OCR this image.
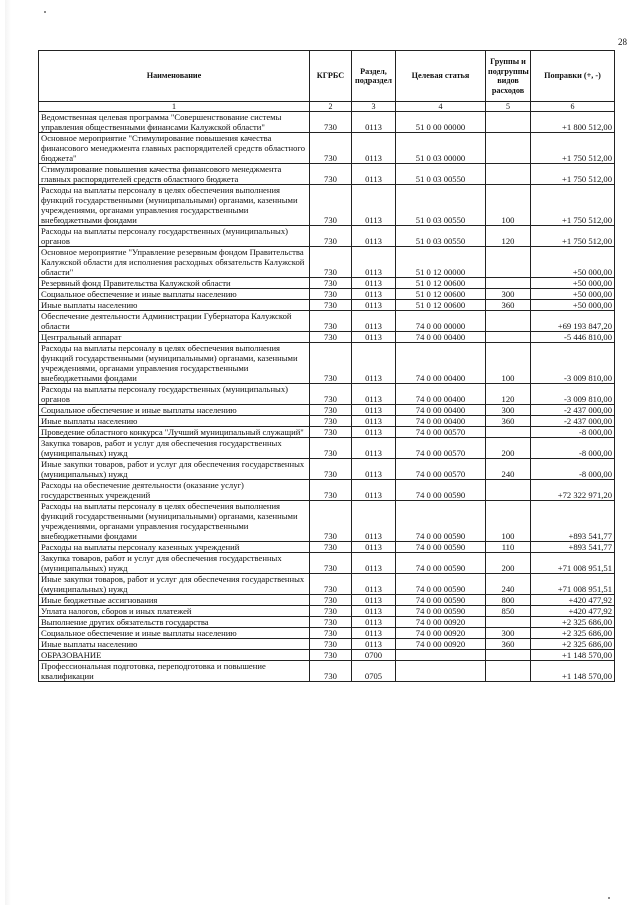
28
Наименование	КГРБС	Раздел, подраздел	Целевая статья	Группы и подгруппы видов расходов	Поправки (+, -)
1	2	3	4	5	6
Ведомственная целевая программа "Совершенствование системы управления общественными финансами Калужской области"	730	0113	51 0 00 00000		+1 800 512,00
Основное мероприятие "Стимулирование повышения качества финансового менеджмента главных распорядителей средств областного бюджета"	730	0113	51 0 03 00000		+1 750 512,00
Стимулирование повышения качества финансового менеджмента главных распорядителей средств областного бюджета	730	0113	51 0 03 00550		+1 750 512,00
Расходы на выплаты персоналу в целях обеспечения выполнения функций государственными (муниципальными) органами, казенными учреждениями, органами управления государственными внебюджетными фондами	730	0113	51 0 03 00550	100	+1 750 512,00
Расходы на выплаты персоналу государственных (муниципальных) органов	730	0113	51 0 03 00550	120	+1 750 512,00
Основное мероприятие "Управление резервным фондом Правительства Калужской области для исполнения расходных обязательств Калужской области"	730	0113	51 0 12 00000		+50 000,00
Резервный фонд Правительства Калужской области	730	0113	51 0 12 00600		+50 000,00
Социальное обеспечение и иные выплаты населению	730	0113	51 0 12 00600	300	+50 000,00
Иные выплаты населению	730	0113	51 0 12 00600	360	+50 000,00
Обеспечение деятельности Администрации Губернатора Калужской области	730	0113	74 0 00 00000		+69 193 847,20
Центральный аппарат	730	0113	74 0 00 00400		-5 446 810,00
Расходы на выплаты персоналу в целях обеспечения выполнения функций государственными (муниципальными) органами, казенными учреждениями, органами управления государственными внебюджетными фондами	730	0113	74 0 00 00400	100	-3 009 810,00
Расходы на выплаты персоналу государственных (муниципальных) органов	730	0113	74 0 00 00400	120	-3 009 810,00
Социальное обеспечение и иные выплаты населению	730	0113	74 0 00 00400	300	-2 437 000,00
Иные выплаты населению	730	0113	74 0 00 00400	360	-2 437 000,00
Проведение областного конкурса "Лучший муниципальный служащий"	730	0113	74 0 00 00570		-8 000,00
Закупка товаров, работ и услуг для обеспечения государственных (муниципальных) нужд	730	0113	74 0 00 00570	200	-8 000,00
Иные закупки товаров, работ и услуг для обеспечения государственных (муниципальных) нужд	730	0113	74 0 00 00570	240	-8 000,00
Расходы на обеспечение деятельности (оказание услуг) государственных учреждений	730	0113	74 0 00 00590		+72 322 971,20
Расходы на выплаты персоналу в целях обеспечения выполнения функций государственными (муниципальными) органами, казенными учреждениями, органами управления государственными внебюджетными фондами	730	0113	74 0 00 00590	100	+893 541,77
Расходы на выплаты персоналу казенных учреждений	730	0113	74 0 00 00590	110	+893 541,77
Закупка товаров, работ и услуг для обеспечения государственных (муниципальных) нужд	730	0113	74 0 00 00590	200	+71 008 951,51
Иные закупки товаров, работ и услуг для обеспечения государственных (муниципальных) нужд	730	0113	74 0 00 00590	240	+71 008 951,51
Иные бюджетные ассигнования	730	0113	74 0 00 00590	800	+420 477,92
Уплата налогов, сборов и иных платежей	730	0113	74 0 00 00590	850	+420 477,92
Выполнение других обязательств государства	730	0113	74 0 00 00920		+2 325 686,00
Социальное обеспечение и иные выплаты населению	730	0113	74 0 00 00920	300	+2 325 686,00
Иные выплаты населению	730	0113	74 0 00 00920	360	+2 325 686,00
ОБРАЗОВАНИЕ	730	0700			+1 148 570,00
Профессиональная подготовка, переподготовка и повышение квалификации	730	0705			+1 148 570,00
